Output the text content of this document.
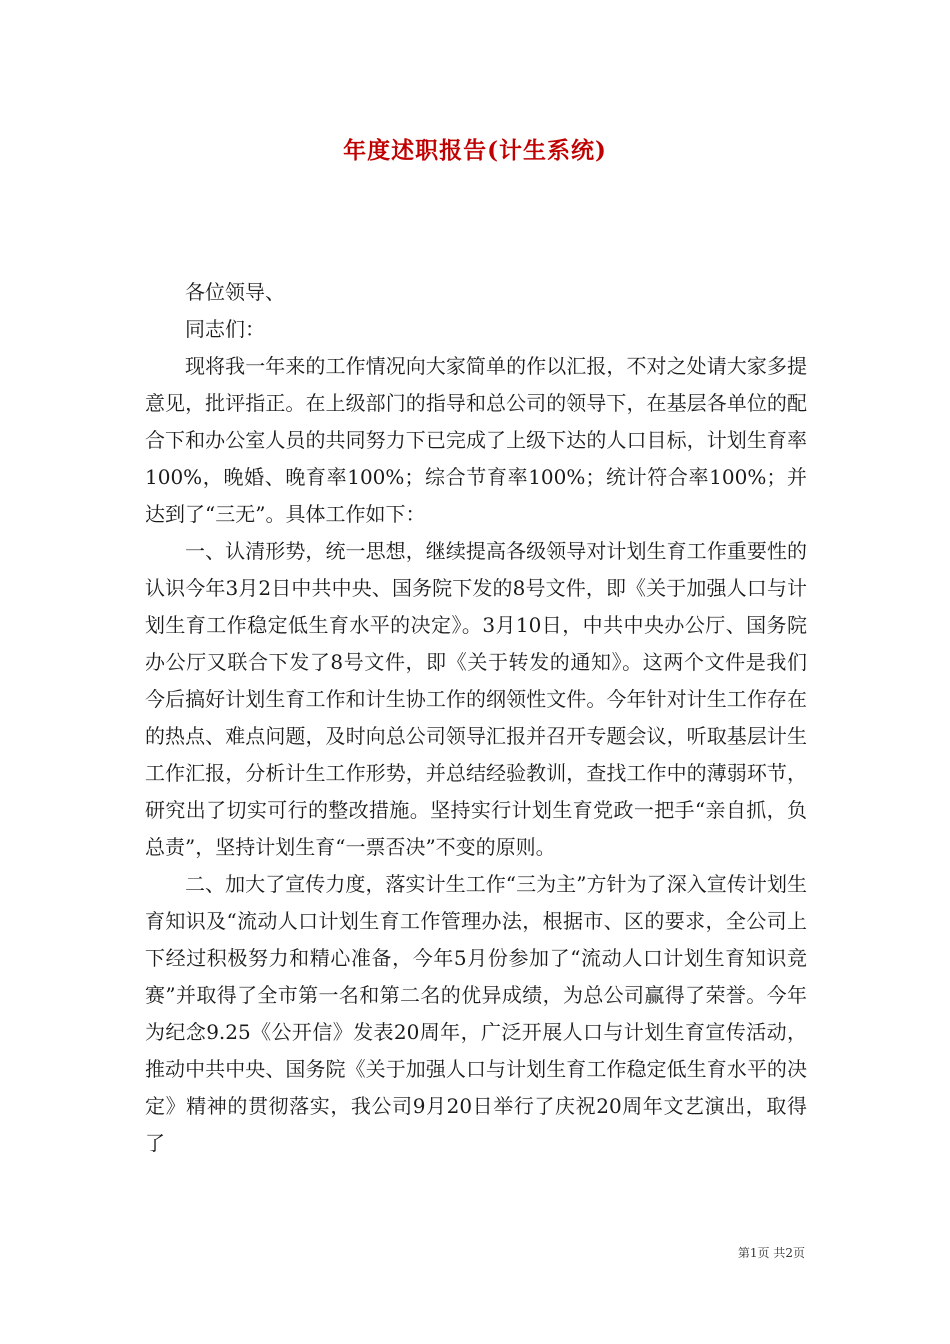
年度述职报告(计生系统)

各位领导、

同志们：

现将我一年来的工作情况向大家简单的作以汇报，不对之处请大家多提意见，批评指正。在上级部门的指导和总公司的领导下，在基层各单位的配合下和办公室人员的共同努力下已完成了上级下达的人口目标，计划生育率100%，晚婚、晚育率100%；综合节育率100%；统计符合率100%；并达到了“三无”。具体工作如下：

一、认清形势，统一思想，继续提高各级领导对计划生育工作重要性的认识今年3月2日中共中央、国务院下发的8号文件，即《关于加强人口与计划生育工作稳定低生育水平的决定》。3月10日，中共中央办公厅、国务院办公厅又联合下发了8号文件，即《关于转发的通知》。这两个文件是我们今后搞好计划生育工作和计生协工作的纲领性文件。今年针对计生工作存在的热点、难点问题，及时向总公司领导汇报并召开专题会议，听取基层计生工作汇报，分析计生工作形势，并总结经验教训，查找工作中的薄弱环节，研究出了切实可行的整改措施。坚持实行计划生育党政一把手“亲自抓，负总责”，坚持计划生育“一票否决”不变的原则。

二、加大了宣传力度，落实计生工作“三为主”方针为了深入宣传计划生育知识及“流动人口计划生育工作管理办法，根据市、区的要求，全公司上下经过积极努力和精心准备，今年5月份参加了“流动人口计划生育知识竞赛”并取得了全市第一名和第二名的优异成绩，为总公司赢得了荣誉。今年为纪念9.25《公开信》发表20周年，广泛开展人口与计划生育宣传活动，推动中共中央、国务院《关于加强人口与计划生育工作稳定低生育水平的决定》精神的贯彻落实，我公司9月20日举行了庆祝20周年文艺演出，取得了

第1页 共2页
